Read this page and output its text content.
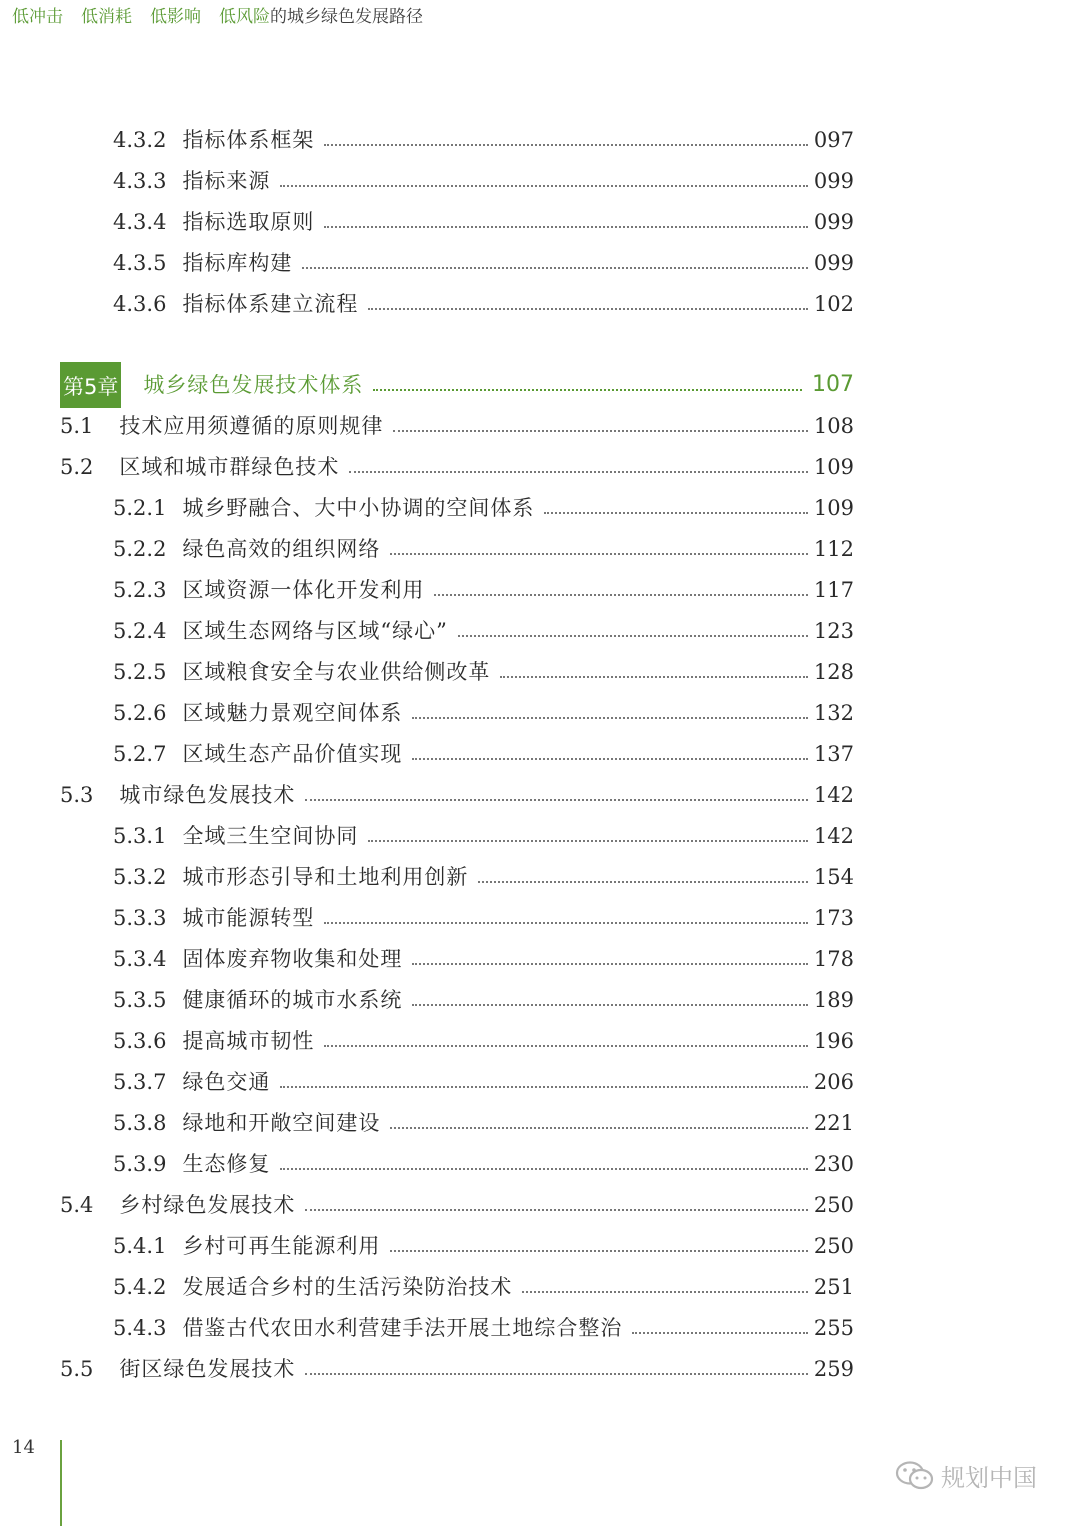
低冲击 低消耗 低影响 低风险的城乡绿色发展路径
4.3.2 指标体系框架	097
4.3.3 指标来源	099
4.3.4 指标选取原则	099
4.3.5 指标库构建	099
4.3.6 指标体系建立流程	102
第5章 城乡绿色发展技术体系	107
5.1 技术应用须遵循的原则规律	108
5.2 区域和城市群绿色技术	109
5.2.1 城乡野融合、大中小协调的空间体系	109
5.2.2 绿色高效的组织网络	112
5.2.3 区域资源一体化开发利用	117
5.2.4 区域生态网络与区域“绿心”	123
5.2.5 区域粮食安全与农业供给侧改革	128
5.2.6 区域魅力景观空间体系	132
5.2.7 区域生态产品价值实现	137
5.3 城市绿色发展技术	142
5.3.1 全域三生空间协同	142
5.3.2 城市形态引导和土地利用创新	154
5.3.3 城市能源转型	173
5.3.4 固体废弃物收集和处理	178
5.3.5 健康循环的城市水系统	189
5.3.6 提高城市韧性	196
5.3.7 绿色交通	206
5.3.8 绿地和开敞空间建设	221
5.3.9 生态修复	230
5.4 乡村绿色发展技术	250
5.4.1 乡村可再生能源利用	250
5.4.2 发展适合乡村的生活污染防治技术	251
5.4.3 借鉴古代农田水利营建手法开展土地综合整治	255
5.5 街区绿色发展技术	259
14
规划中国
